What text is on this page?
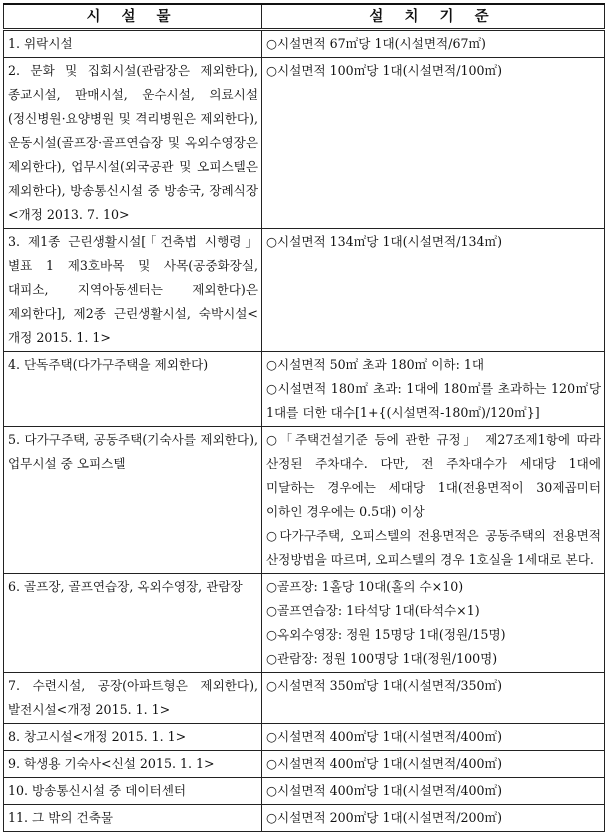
시 설 물	설 치 기 준
1. 위락시설	○시설면적 67㎡당 1대(시설면적/67㎡)

2. 문화 및 집회시설(관람장은 제외한다), 종교시설, 판매시설, 운수시설, 의료시설(정신병원·요양병원 및 격리병원은 제외한다), 운동시설(골프장·골프연습장 및 옥외수영장은 제외한다), 업무시설(외국공관 및 오피스텔은 제외한다), 방송통신시설 중 방송국, 장례식장<개정 2013. 7. 10>	○시설면적 100㎡당 1대(시설면적/100㎡)

3. 제1종 근린생활시설[「건축법 시행령」 별표 1 제3호바목 및 사목(공중화장실, 대피소, 지역아동센터는 제외한다)은 제외한다], 제2종 근린생활시설, 숙박시설<개정 2015. 1. 1>	○시설면적 134㎡당 1대(시설면적/134㎡)

4. 단독주택(다가구주택을 제외한다)	○시설면적 50㎡ 초과 180㎡ 이하: 1대
○시설면적 180㎡ 초과: 1대에 180㎡를 초과하는 120㎡당 1대를 더한 대수[1+{(시설면적-180㎡)/120㎡}]

5. 다가구주택, 공동주택(기숙사를 제외한다), 업무시설 중 오피스텔	○「주택건설기준 등에 관한 규정」 제27조제1항에 따라 산정된 주차대수. 다만, 전 주차대수가 세대당 1대에 미달하는 경우에는 세대당 1대(전용면적이 30제곱미터 이하인 경우에는 0.5대) 이상
○다가구주택, 오피스텔의 전용면적은 공동주택의 전용면적 산정방법을 따르며, 오피스텔의 경우 1호실을 1세대로 본다.

6. 골프장, 골프연습장, 옥외수영장, 관람장	○골프장: 1홀당 10대(홀의 수×10)
○골프연습장: 1타석당 1대(타석수×1)
○옥외수영장: 정원 15명당 1대(정원/15명)
○관람장: 정원 100명당 1대(정원/100명)

7. 수련시설, 공장(아파트형은 제외한다), 발전시설<개정 2015. 1. 1>	○시설면적 350㎡당 1대(시설면적/350㎡)

8. 창고시설<개정 2015. 1. 1>	○시설면적 400㎡당 1대(시설면적/400㎡)

9. 학생용 기숙사<신설 2015. 1. 1>	○시설면적 400㎡당 1대(시설면적/400㎡)

10. 방송통신시설 중 데이터센터	○시설면적 400㎡당 1대(시설면적/400㎡)

11. 그 밖의 건축물	○시설면적 200㎡당 1대(시설면적/200㎡)
